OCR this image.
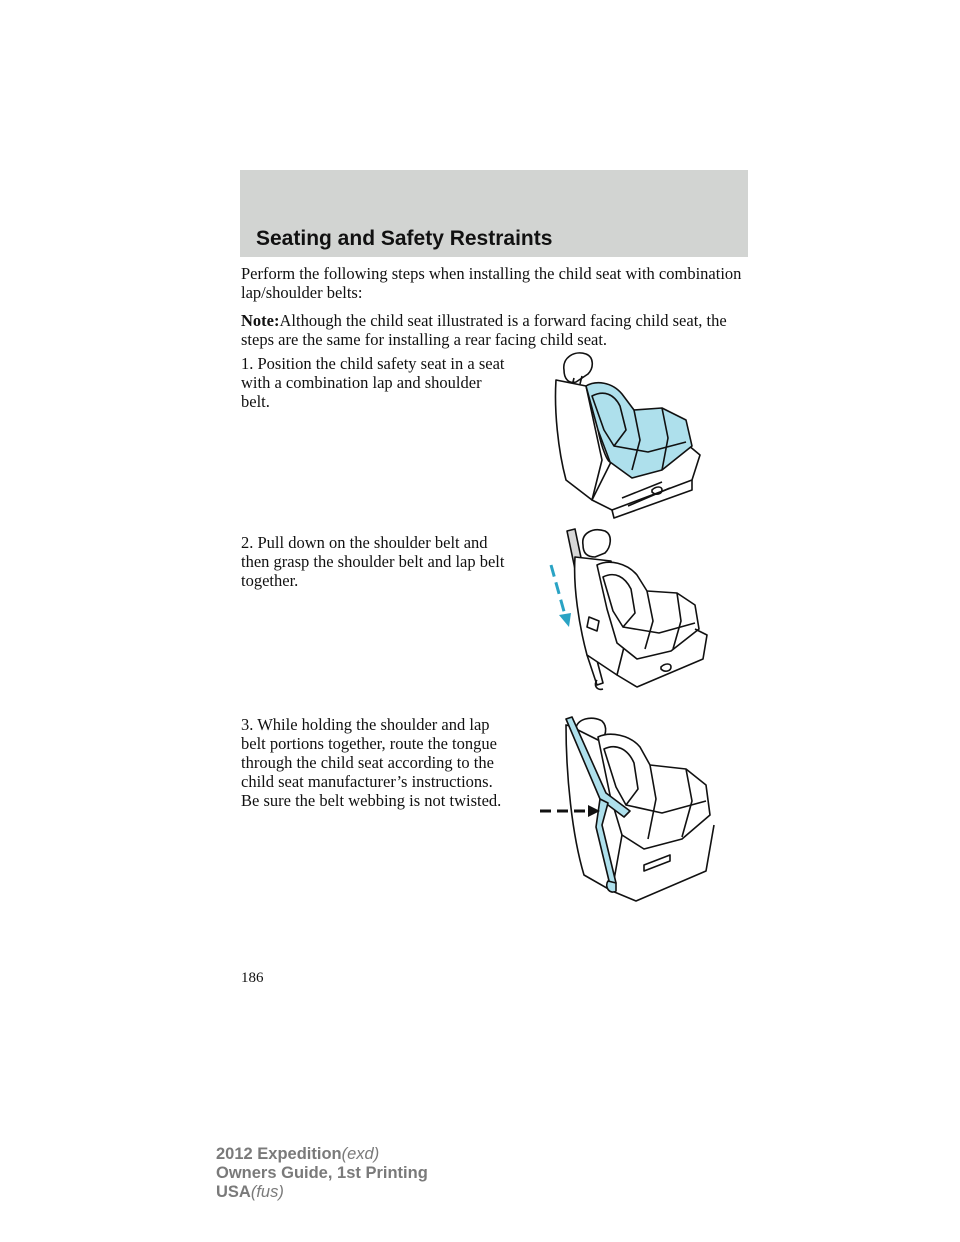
Seating and Safety Restraints
Perform the following steps when installing the child seat with combination lap/shoulder belts:
Note:Although the child seat illustrated is a forward facing child seat, the steps are the same for installing a rear facing child seat.
1. Position the child safety seat in a seat with a combination lap and shoulder belt.
2. Pull down on the shoulder belt and then grasp the shoulder belt and lap belt together.
3. While holding the shoulder and lap belt portions together, route the tongue through the child seat according to the child seat manufacturer’s instructions. Be sure the belt webbing is not twisted.
186
2012 Expedition(exd)
Owners Guide, 1st Printing
USA(fus)
